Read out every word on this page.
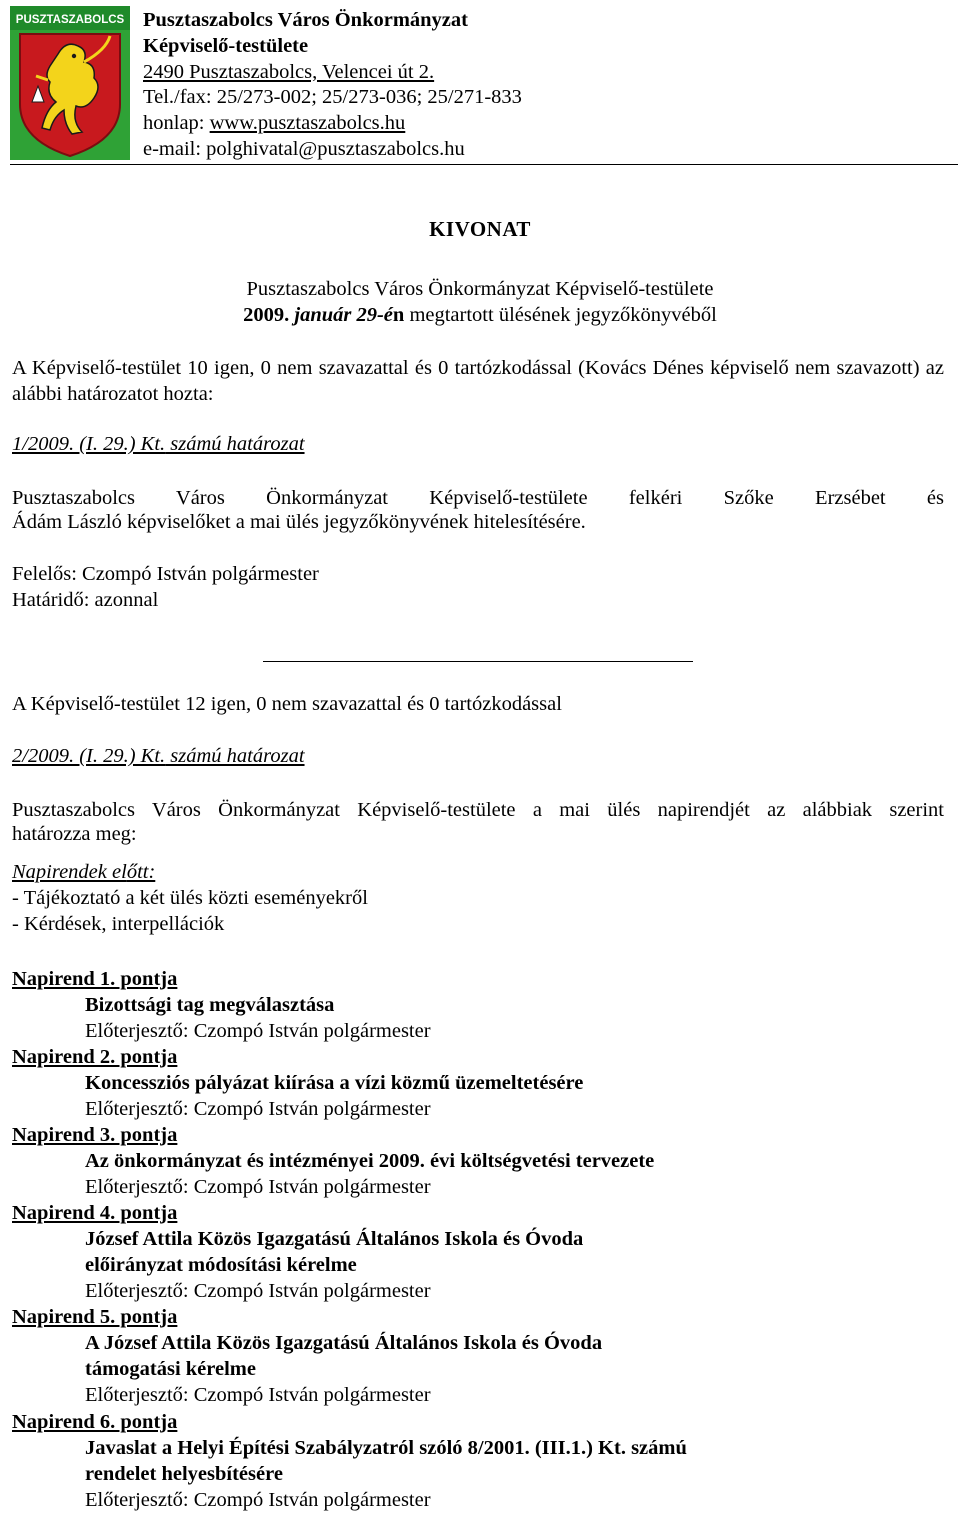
PUSZTASZABOLCS Pusztaszabolcs Város Önkormányzat
Képviselő-testülete
2490 Pusztaszabolcs, Velencei út 2.
Tel./fax: 25/273-002; 25/273-036; 25/271-833
honlap: www.pusztaszabolcs.hu
e-mail: polghivatal@pusztaszabolcs.hu
KIVONAT
Pusztaszabolcs Város Önkormányzat Képviselő-testülete
2009. január 29-én megtartott ülésének jegyzőkönyvéből
A Képviselő-testület 10 igen, 0 nem szavazattal és 0 tartózkodással (Kovács Dénes képviselő nem szavazott) az alábbi határozatot hozta:
1/2009. (I. 29.) Kt. számú határozat
Pusztaszabolcs Város Önkormányzat Képviselő-testülete felkéri Szőke Erzsébet és
Ádám László képviselőket a mai ülés jegyzőkönyvének hitelesítésére.
Felelős: Czompó István polgármester
Határidő: azonnal
A Képviselő-testület 12 igen, 0 nem szavazattal és 0 tartózkodással
2/2009. (I. 29.) Kt. számú határozat
Pusztaszabolcs Város Önkormányzat Képviselő-testülete a mai ülés napirendjét az alábbiak szerint
határozza meg:
Napirendek előtt:
- Tájékoztató a két ülés közti eseményekről
- Kérdések, interpellációk
Napirend 1. pontja
Bizottsági tag megválasztása
Előterjesztő: Czompó István polgármester
Napirend 2. pontja
Koncessziós pályázat kiírása a vízi közmű üzemeltetésére
Előterjesztő: Czompó István polgármester
Napirend 3. pontja
Az önkormányzat és intézményei 2009. évi költségvetési tervezete
Előterjesztő: Czompó István polgármester
Napirend 4. pontja
József Attila Közös Igazgatású Általános Iskola és Óvoda
előirányzat módosítási kérelme
Előterjesztő: Czompó István polgármester
Napirend 5. pontja
A József Attila Közös Igazgatású Általános Iskola és Óvoda
támogatási kérelme
Előterjesztő: Czompó István polgármester
Napirend 6. pontja
Javaslat a Helyi Építési Szabályzatról szóló 8/2001. (III.1.) Kt. számú
rendelet helyesbítésére
Előterjesztő: Czompó István polgármester
